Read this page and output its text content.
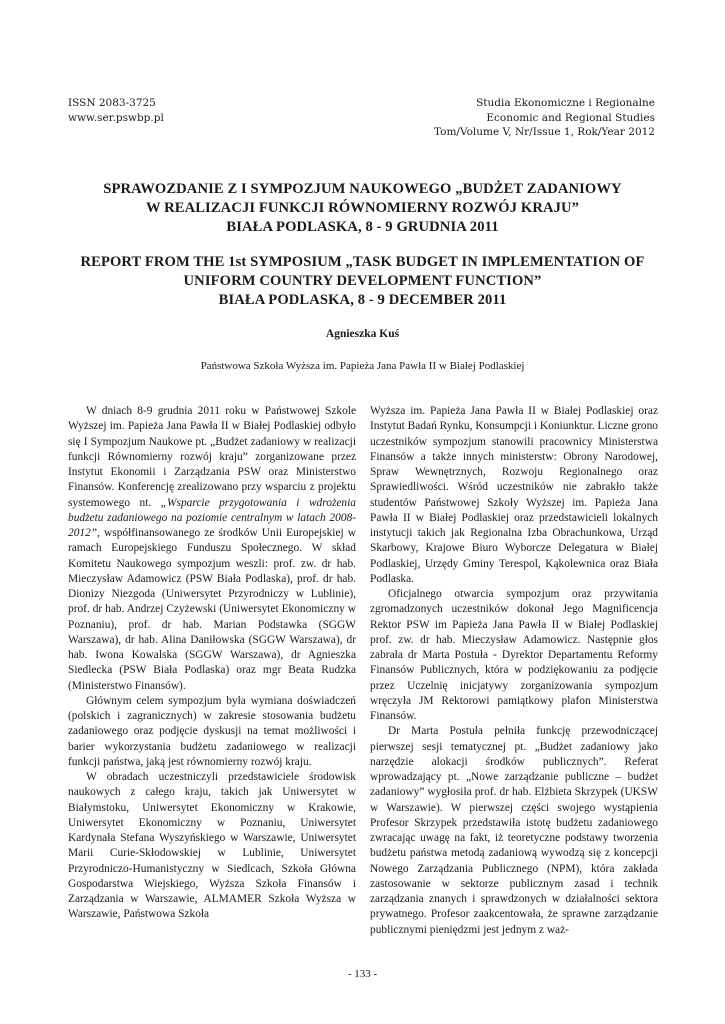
ISSN 2083-3725
www.ser.pswbp.pl
Studia Ekonomiczne i Regionalne
Economic and Regional Studies
Tom/Volume V, Nr/Issue 1, Rok/Year 2012
SPRAWOZDANIE Z I SYMPOZJUM NAUKOWEGO „BUDŻET ZADANIOWY
W REALIZACJI FUNKCJI RÓWNOMIERNY ROZWÓJ KRAJU”
BIAŁA PODLASKA, 8 - 9 GRUDNIA 2011
REPORT FROM THE 1st SYMPOSIUM „TASK BUDGET IN IMPLEMENTATION OF
UNIFORM COUNTRY DEVELOPMENT FUNCTION”
BIAŁA PODLASKA, 8 - 9 DECEMBER 2011
Agnieszka Kuś
Państwowa Szkoła Wyższa im. Papieża Jana Pawła II w Białej Podlaskiej

W dniach 8-9 grudnia 2011 roku w Państwowej Szkole Wyższej im. Papieża Jana Pawła II w Białej Podlaskiej odbyło się I Sympozjum Naukowe pt. „Budżet zadaniowy w realizacji funkcji Równomierny rozwój kraju” zorganizowane przez Instytut Ekonomii i Zarządzania PSW oraz Ministerstwo Finansów. Konferencję zrealizowano przy wsparciu z projektu systemowego nt. „Wsparcie przygotowania i wdrożenia budżetu zadaniowego na poziomie centralnym w latach 2008-2012”, współfinansowanego ze środków Unii Europejskiej w ramach Europejskiego Funduszu Społecznego. W skład Komitetu Naukowego sympozjum weszli: prof. zw. dr hab. Mieczysław Adamowicz (PSW Biała Podlaska), prof. dr hab. Dionizy Niezgoda (Uniwersytet Przyrodniczy w Lublinie), prof. dr hab. Andrzej Czyżewski (Uniwersytet Ekonomiczny w Poznaniu), prof. dr hab. Marian Podstawka (SGGW Warszawa), dr hab. Alina Daniłowska (SGGW Warszawa), dr hab. Iwona Kowalska (SGGW Warszawa), dr Agnieszka Siedlecka (PSW Biała Podlaska) oraz mgr Beata Rudzka (Ministerstwo Finansów).

Głównym celem sympozjum była wymiana doświadczeń (polskich i zagranicznych) w zakresie stosowania budżetu zadaniowego oraz podjęcie dyskusji na temat możliwości i barier wykorzystania budżetu zadaniowego w realizacji funkcji państwa, jaką jest równomierny rozwój kraju.

W obradach uczestniczyli przedstawiciele środowisk naukowych z całego kraju, takich jak Uniwersytet w Białymstoku, Uniwersytet Ekonomiczny w Krakowie, Uniwersytet Ekonomiczny w Poznaniu, Uniwersytet Kardynała Stefana Wyszyńskiego w Warszawie, Uniwersytet Marii Curie-Skłodowskiej w Lublinie, Uniwersytet Przyrodniczo-Humanistyczny w Siedlcach, Szkoła Główna Gospodarstwa Wiejskiego, Wyższa Szkoła Finansów i Zarządzania w Warszawie, ALMAMER Szkoła Wyższa w Warszawie, Państwowa Szkoła

Wyższa im. Papieża Jana Pawła II w Białej Podlaskiej oraz Instytut Badań Rynku, Konsumpcji i Koniunktur. Liczne grono uczestników sympozjum stanowili pracownicy Ministerstwa Finansów a także innych ministerstw: Obrony Narodowej, Spraw Wewnętrznych, Rozwoju Regionalnego oraz Sprawiedliwości. Wśród uczestników nie zabrakło także studentów Państwowej Szkoły Wyższej im. Papieża Jana Pawła II w Białej Podlaskiej oraz przedstawicieli lokalnych instytucji takich jak Regionalna Izba Obrachunkowa, Urząd Skarbowy, Krajowe Biuro Wyborcze Delegatura w Białej Podlaskiej, Urzędy Gminy Terespol, Kąkolewnica oraz Biała Podlaska.

Oficjalnego otwarcia sympozjum oraz przywitania zgromadzonych uczestników dokonał Jego Magnificencja Rektor PSW im Papieża Jana Pawła II w Białej Podlaskiej prof. zw. dr hab. Mieczysław Adamowicz. Następnie głos zabrała dr Marta Postuła - Dyrektor Departamentu Reformy Finansów Publicznych, która w podziękowaniu za podjęcie przez Uczelnię inicjatywy zorganizowania sympozjum wręczyła JM Rektorowi pamiątkowy plafon Ministerstwa Finansów.

Dr Marta Postuła pełniła funkcję przewodniczącej pierwszej sesji tematycznej pt. „Budżet zadaniowy jako narzędzie alokacji środków publicznych”. Referat wprowadzający pt. „Nowe zarządzanie publiczne – budżet zadaniowy” wygłosiła prof. dr hab. Elżbieta Skrzypek (UKSW w Warszawie). W pierwszej części swojego wystąpienia Profesor Skrzypek przedstawiła istotę budżetu zadaniowego zwracając uwagę na fakt, iż teoretyczne podstawy tworzenia budżetu państwa metodą zadaniową wywodzą się z koncepcji Nowego Zarządzania Publicznego (NPM), która zakłada zastosowanie w sektorze publicznym zasad i technik zarządzania znanych i sprawdzonych w działalności sektora prywatnego. Profesor zaakcentowała, że sprawne zarządzanie publicznymi pieniędzmi jest jednym z waż-

- 133 -
